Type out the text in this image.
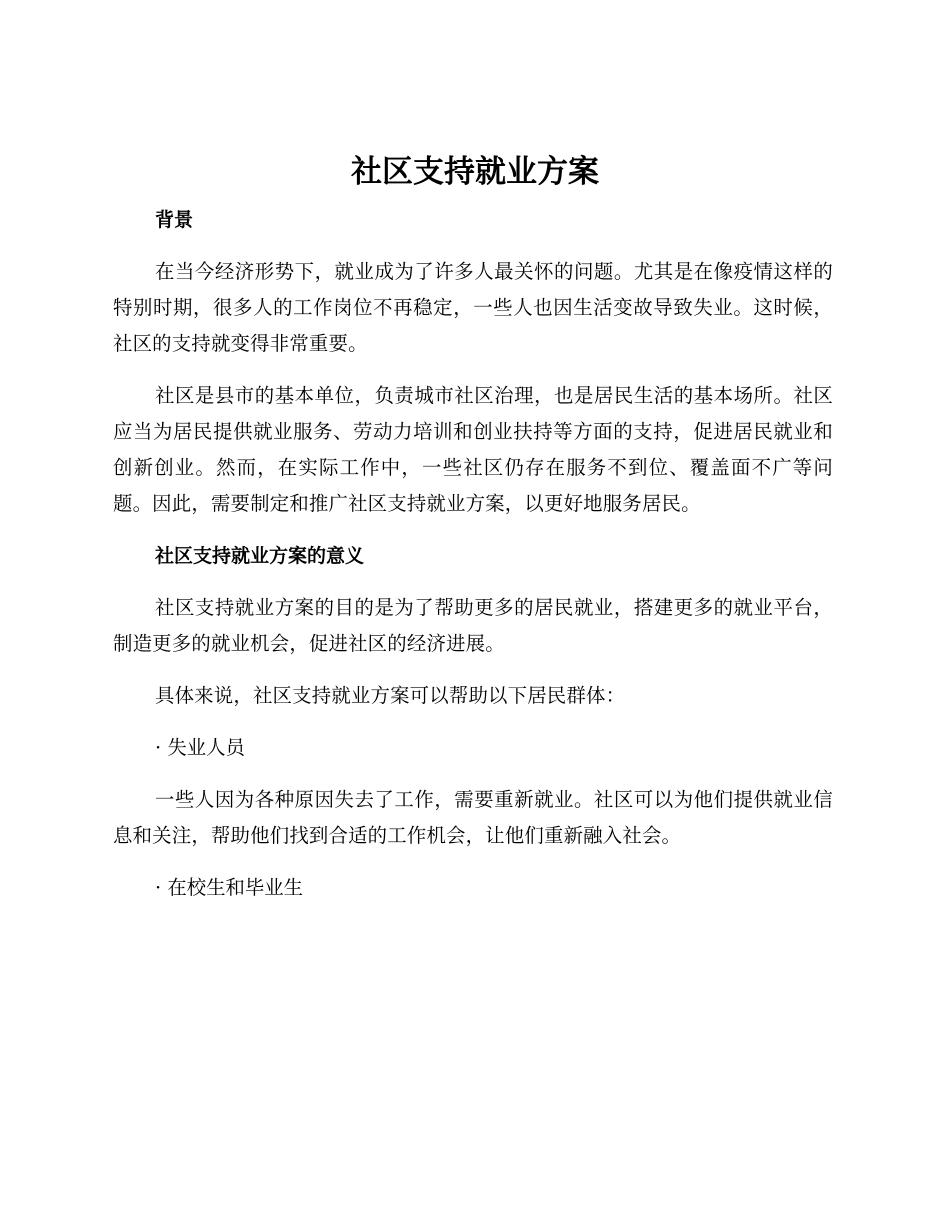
社区支持就业方案
背景

在当今经济形势下，就业成为了许多人最关怀的问题。尤其是在像疫情这样的特别时期，很多人的工作岗位不再稳定，一些人也因生活变故导致失业。这时候，社区的支持就变得非常重要。

社区是县市的基本单位，负责城市社区治理，也是居民生活的基本场所。社区应当为居民提供就业服务、劳动力培训和创业扶持等方面的支持，促进居民就业和创新创业。然而，在实际工作中，一些社区仍存在服务不到位、覆盖面不广等问题。因此，需要制定和推广社区支持就业方案，以更好地服务居民。

社区支持就业方案的意义

社区支持就业方案的目的是为了帮助更多的居民就业，搭建更多的就业平台，制造更多的就业机会，促进社区的经济进展。

具体来说，社区支持就业方案可以帮助以下居民群体：

· 失业人员

一些人因为各种原因失去了工作，需要重新就业。社区可以为他们提供就业信息和关注，帮助他们找到合适的工作机会，让他们重新融入社会。

· 在校生和毕业生
